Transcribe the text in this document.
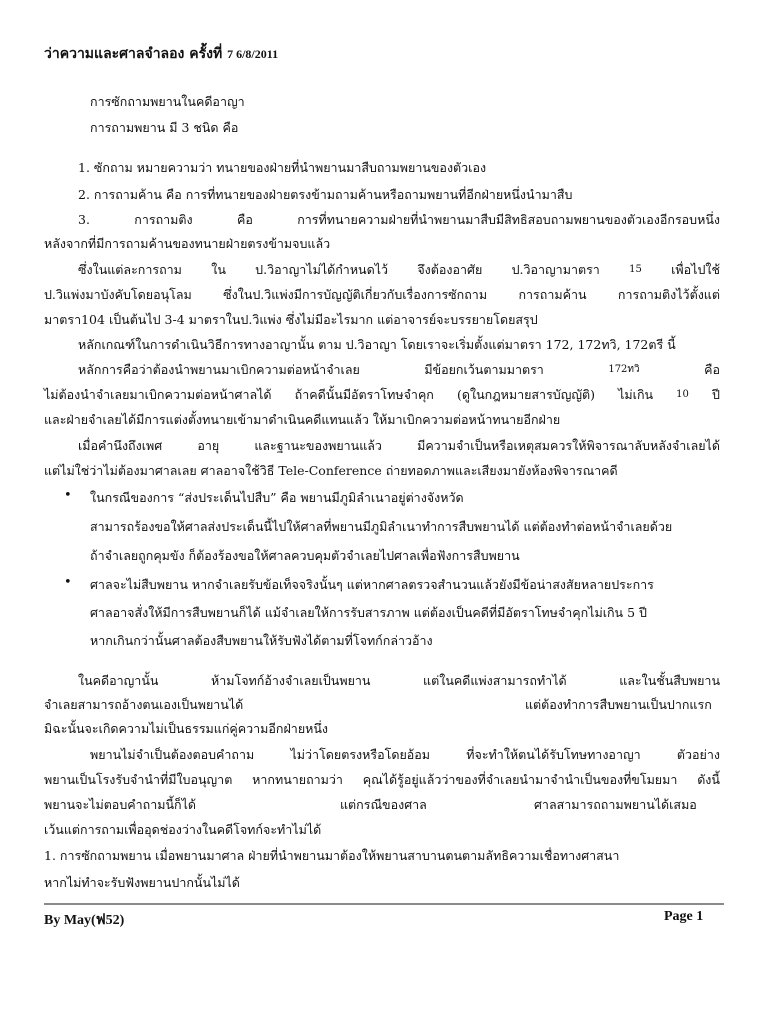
ว่าความและศาลจำลอง ครั้งที่ 7 6/8/2011

การซักถามพยานในคดีอาญา

การถามพยาน มี 3 ชนิด คือ

1. ซักถาม หมายความว่า ทนายของฝ่ายที่นำพยานมาสืบถามพยานของตัวเอง

2. การถามค้าน คือ การที่ทนายของฝ่ายตรงข้ามถามค้านหรือถามพยานที่อีกฝ่ายหนึ่งนำมาสืบ

3.	การถามติง	คือ	การที่ทนายความฝ่ายที่นำพยานมาสืบมีสิทธิสอบถามพยานของตัวเองอีกรอบหนึ่ง

หลังจากที่มีการถามค้านของทนายฝ่ายตรงข้ามจบแล้ว

ซึ่งในแต่ละการถาม ใน ป.วิอาญาไม่ได้กำหนดไว้ จึงต้องอาศัย ป.วิอาญามาตรา	15 เพื่อไปใช้
ป.วิแพ่งมาบังคับโดยอนุโลม	ซึ่งในป.วิแพ่งมีการบัญญัติเกี่ยวกับเรื่องการซักถาม	การถามค้าน	การถามติงไว้ตั้งแต่

มาตรา104 เป็นต้นไป 3-4 มาตราในป.วิแพ่ง ซึ่งไม่มีอะไรมาก แต่อาจารย์จะบรรยายโดยสรุป

หลักเกณฑ์ในการดำเนินวิธีการทางอาญานั้น ตาม ป.วิอาญา โดยเราจะเริ่มตั้งแต่มาตรา 172, 172ทวิ, 172ตรี นี้

หลักการคือว่าต้องนำพยานมาเบิกความต่อหน้าจำเลย	มีข้อยกเว้นตามมาตรา	172ทวิ	คือ
ไม่ต้องนำจำเลยมาเบิกความต่อหน้าศาลได้ ถ้าคดีนั้นมีอัตราโทษจำคุก (ดูในกฎหมายสารบัญญัติ) ไม่เกิน 10 ปี

และฝ่ายจำเลยได้มีการแต่งตั้งทนายเข้ามาดำเนินคดีแทนแล้ว ให้มาเบิกความต่อหน้าทนายอีกฝ่าย

เมื่อคำนึงถึงเพศ	อายุ	และฐานะของพยานแล้ว	มีความจำเป็นหรือเหตุสมควรให้พิจารณาลับหลังจำเลยได้

แต่ไม่ใช่ว่าไม่ต้องมาศาลเลย ศาลอาจใช้วิธี Tele-Conference ถ่ายทอดภาพและเสียงมายังห้องพิจารณาคดี

• ในกรณีของการ “ส่งประเด็นไปสืบ” คือ พยานมีภูมิลำเนาอยู่ต่างจังหวัด

สามารถร้องขอให้ศาลส่งประเด็นนี้ไปให้ศาลที่พยานมีภูมิลำเนาทำการสืบพยานได้ แต่ต้องทำต่อหน้าจำเลยด้วย

ถ้าจำเลยถูกคุมขัง ก็ต้องร้องขอให้ศาลควบคุมตัวจำเลยไปศาลเพื่อฟังการสืบพยาน

• ศาลจะไม่สืบพยาน หากจำเลยรับข้อเท็จจริงนั้นๆ แต่หากศาลตรวจสำนวนแล้วยังมีข้อน่าสงสัยหลายประการ

ศาลอาจสั่งให้มีการสืบพยานก็ได้ แม้จำเลยให้การรับสารภาพ แต่ต้องเป็นคดีที่มีอัตราโทษจำคุกไม่เกิน 5 ปี

หากเกินกว่านั้นศาลต้องสืบพยานให้รับฟังได้ตามที่โจทก์กล่าวอ้าง

ในคดีอาญานั้น	ห้ามโจทก์อ้างจำเลยเป็นพยาน	แต่ในคดีแพ่งสามารถทำได้	และในชั้นสืบพยาน

จำเลยสามารถอ้างตนเองเป็นพยานได้	แต่ต้องทำการสืบพยานเป็นปากแรก

มิฉะนั้นจะเกิดความไม่เป็นธรรมแก่คู่ความอีกฝ่ายหนึ่ง

พยานไม่จำเป็นต้องตอบคำถาม	ไม่ว่าโดยตรงหรือโดยอ้อม	ที่จะทำให้ตนได้รับโทษทางอาญา	ตัวอย่าง
พยานเป็นโรงรับจำนำที่มีใบอนุญาต หากทนายถามว่า คุณได้รู้อยู่แล้วว่าของที่จำเลยนำมาจำนำเป็นของที่ขโมยมา ดังนี้

พยานจะไม่ตอบคำถามนี้ก็ได้	แต่กรณีของศาล	ศาลสามารถถามพยานได้เสมอ

เว้นแต่การถามเพื่ออุดช่องว่างในคดีโจทก์จะทำไม่ได้

1. การซักถามพยาน เมื่อพยานมาศาล ฝ่ายที่นำพยานมาต้องให้พยานสาบานตนตามลัทธิความเชื่อทางศาสนา

หากไม่ทำจะรับฟังพยานปากนั้นไม่ได้

By May(ฟ52)	Page 1
